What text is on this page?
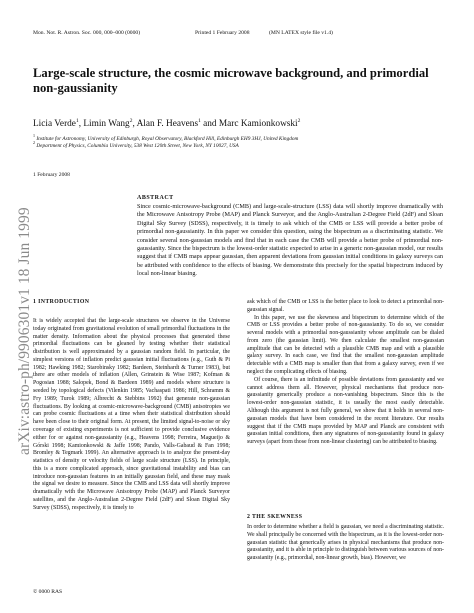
Mon. Not. R. Astron. Soc. 000, 000–000 (0000)	Printed 1 February 2008	(MN LATEX style file v1.4)
arXiv:astro-ph/9906301v1 18 Jun 1999
Large-scale structure, the cosmic microwave background, and primordial non-gaussianity
Licia Verde$^1$, Limin Wang$^2$, Alan F. Heavens$^1$ and Marc Kamionkowski$^2$
$^1$ Institute for Astronomy, University of Edinburgh, Royal Observatory, Blackford Hill, Edinburgh EH9 3HJ, United Kingdom
$^2$ Department of Physics, Columbia University, 538 West 120th Street, New York, NY 10027, USA
1 February 2008
ABSTRACT
Since cosmic-microwave-background (CMB) and large-scale-structure (LSS) data will shortly improve dramatically with the Microwave Anisotropy Probe (MAP) and Planck Surveyor, and the Anglo-Australian 2-Degree Field (2dF) and Sloan Digital Sky Survey (SDSS), respectively, it is timely to ask which of the CMB or LSS will provide a better probe of primordial non-gaussianity. In this paper we consider this question, using the bispectrum as a discriminating statistic. We consider several non-gaussian models and find that in each case the CMB will provide a better probe of primordial non-gaussianity. Since the bispectrum is the lowest-order statistic expected to arise in a generic non-gaussian model, our results suggest that if CMB maps appear gaussian, then apparent deviations from gaussian initial conditions in galaxy surveys can be attributed with confidence to the effects of biasing. We demonstrate this precisely for the spatial bispectrum induced by local non-linear biasing.
1 INTRODUCTION

It is widely accepted that the large-scale structures we observe in the Universe today originated from gravitational evolution of small primordial fluctuations in the matter density. Information about the physical processes that generated these primordial fluctuations can be gleaned by testing whether their statistical distribution is well approximated by a gaussian random field. In particular, the simplest versions of inflation predict gaussian initial fluctuations (e.g., Guth & Pi 1982; Hawking 1982; Starobinsky 1982; Bardeen, Steinhardt & Turner 1983), but there are other models of inflation (Allen, Grinstein & Wise 1987; Kofman & Pogosian 1988; Salopek, Bond & Bardeen 1989) and models where structure is seeded by topological defects (Vilenkin 1985; Vachaspati 1986; Hill, Schramm & Fry 1989; Turok 1989; Albrecht & Stebbins 1992) that generate non-gaussian fluctuations. By looking at cosmic-microwave-background (CMB) anisotropies we can probe cosmic fluctuations at a time when their statistical distribution should have been close to their original form. At present, the limited signal-to-noise or sky coverage of existing experiments is not sufficient to provide conclusive evidence either for or against non-gaussianity (e.g., Heavens 1998; Ferreira, Magueijo & Górski 1998; Kamionkowski & Jaffe 1998; Pando, Valls-Gabaud & Fan 1998; Bromley & Tegmark 1999). An alternative approach is to analyze the present-day statistics of density or velocity fields of large scale structure (LSS). In principle, this is a more complicated approach, since gravitational instability and bias can introduce non-gaussian features in an initially gaussian field, and these may mask the signal we desire to measure. Since the CMB and LSS data will shortly improve dramatically with the Microwave Anisotropy Probe (MAP) and Planck Surveyor satellites, and the Anglo-Australian 2-Degree Field (2dF) and Sloan Digital Sky Survey (SDSS), respectively, it is timely to

ask which of the CMB or LSS is the better place to look to detect a primordial non-gaussian signal.

In this paper, we use the skewness and bispectrum to determine which of the CMB or LSS provides a better probe of non-gaussianity. To do so, we consider several models with a primordial non-gaussianity whose amplitude can be dialed from zero (the gaussian limit). We then calculate the smallest non-gaussian amplitude that can be detected with a plausible CMB map and with a plausible galaxy survey. In each case, we find that the smallest non-gaussian amplitude detectable with a CMB map is smaller than that from a galaxy survey, even if we neglect the complicating effects of biasing.

Of course, there is an infinitude of possible deviations from gaussianity and we cannot address them all. However, physical mechanisms that produce non-gaussianity generically produce a non-vanishing bispectrum. Since this is the lowest-order non-gaussian statistic, it is usually the most easily detectable. Although this argument is not fully general, we show that it holds in several non-gaussian models that have been considered in the recent literature. Our results suggest that if the CMB maps provided by MAP and Planck are consistent with gaussian initial conditions, then any signatures of non-gaussianity found in galaxy surveys (apart from those from non-linear clustering) can be attributed to biasing.

2 THE SKEWNESS

In order to determine whether a field is gaussian, we need a discriminating statistic. We shall principally be concerned with the bispectrum, as it is the lowest-order non-gaussian statistic that generically arises in physical mechanisms that produce non-gaussianity, and it is able in principle to distinguish between various sources of non-gaussianity (e.g., primordial, non-linear growth, bias). However, we

© 0000 RAS
